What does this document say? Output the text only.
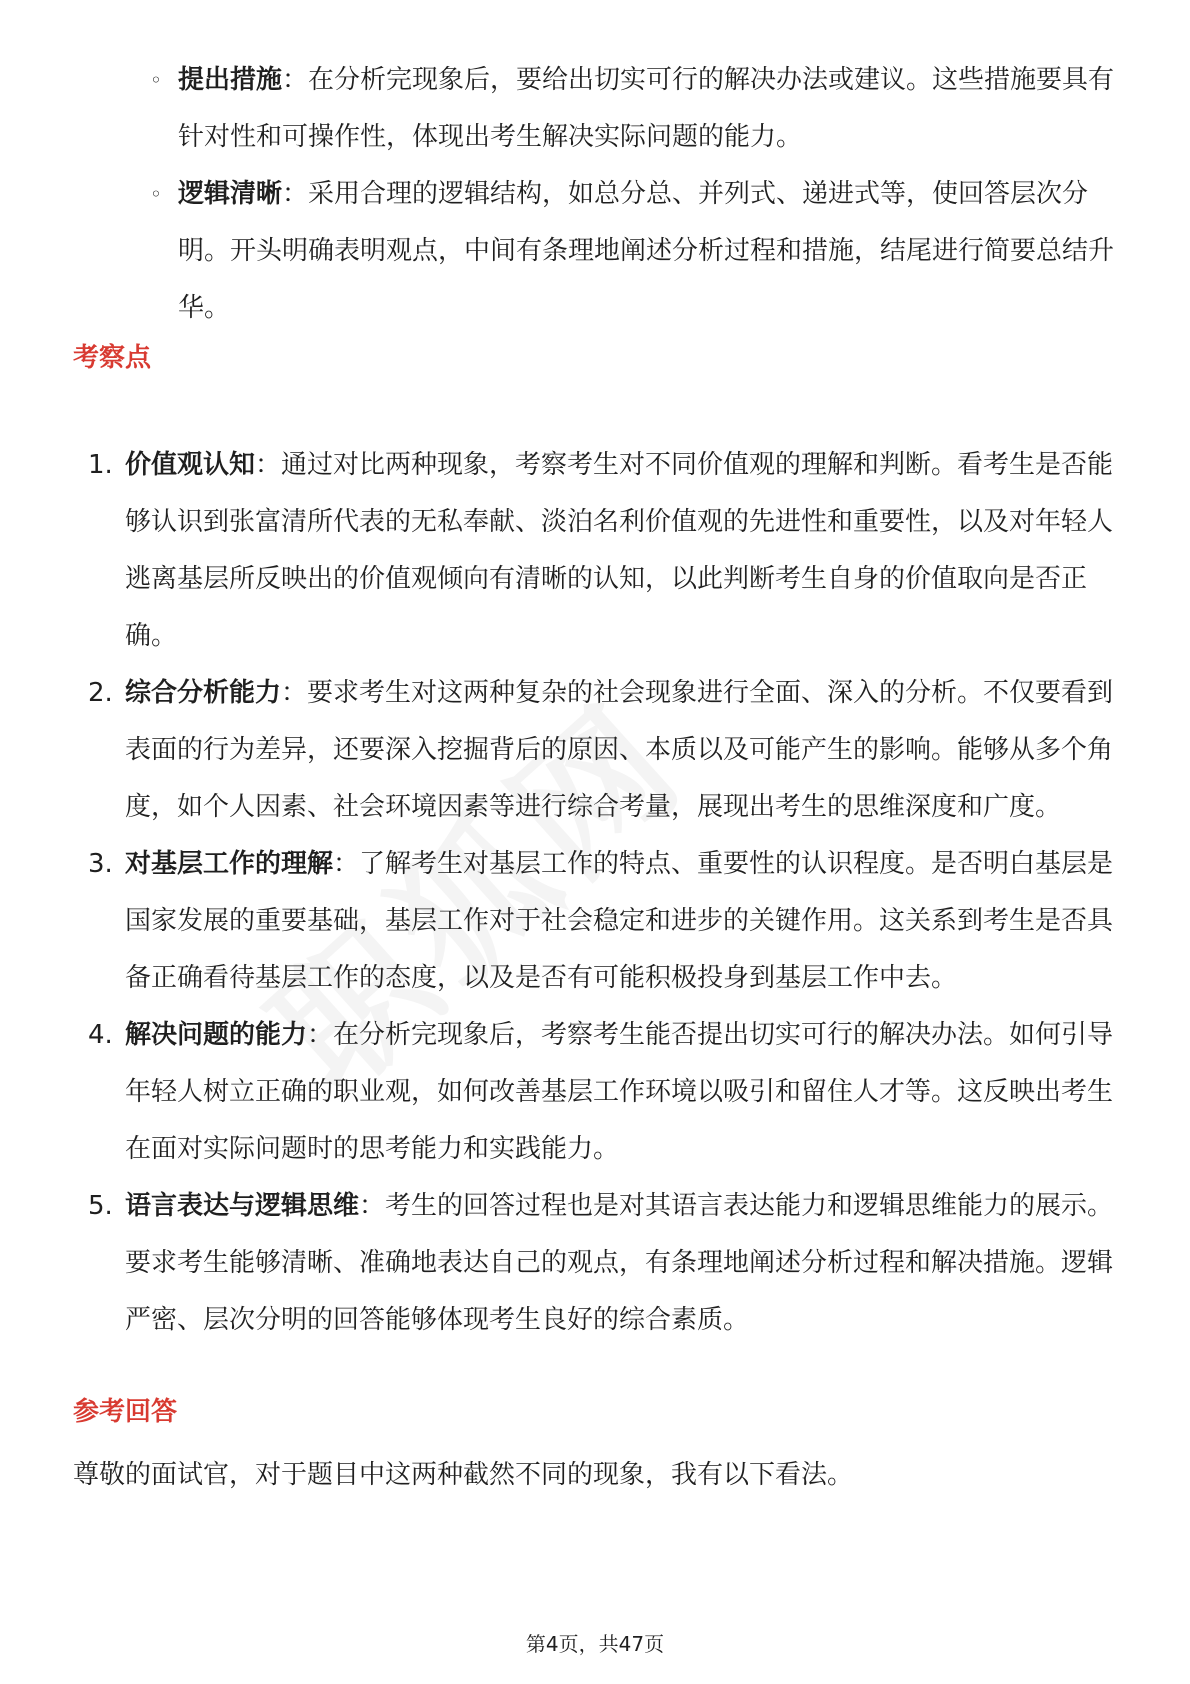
◦ 提出措施：在分析完现象后，要给出切实可行的解决办法或建议。这些措施要具有针对性和可操作性，体现出考生解决实际问题的能力。
◦ 逻辑清晰：采用合理的逻辑结构，如总分总、并列式、递进式等，使回答层次分明。开头明确表明观点，中间有条理地阐述分析过程和措施，结尾进行简要总结升华。
考察点
1. 价值观认知：通过对比两种现象，考察考生对不同价值观的理解和判断。看考生是否能够认识到张富清所代表的无私奉献、淡泊名利价值观的先进性和重要性，以及对年轻人逃离基层所反映出的价值观倾向有清晰的认知，以此判断考生自身的价值取向是否正确。
2. 综合分析能力：要求考生对这两种复杂的社会现象进行全面、深入的分析。不仅要看到表面的行为差异，还要深入挖掘背后的原因、本质以及可能产生的影响。能够从多个角度，如个人因素、社会环境因素等进行综合考量，展现出考生的思维深度和广度。
3. 对基层工作的理解：了解考生对基层工作的特点、重要性的认识程度。是否明白基层是国家发展的重要基础，基层工作对于社会稳定和进步的关键作用。这关系到考生是否具备正确看待基层工作的态度，以及是否有可能积极投身到基层工作中去。
4. 解决问题的能力：在分析完现象后，考察考生能否提出切实可行的解决办法。如何引导年轻人树立正确的职业观，如何改善基层工作环境以吸引和留住人才等。这反映出考生在面对实际问题时的思考能力和实践能力。
5. 语言表达与逻辑思维：考生的回答过程也是对其语言表达能力和逻辑思维能力的展示。要求考生能够清晰、准确地表达自己的观点，有条理地阐述分析过程和解决措施。逻辑严密、层次分明的回答能够体现考生良好的综合素质。
参考回答

尊敬的面试官，对于题目中这两种截然不同的现象，我有以下看法。

第4页，共47页
